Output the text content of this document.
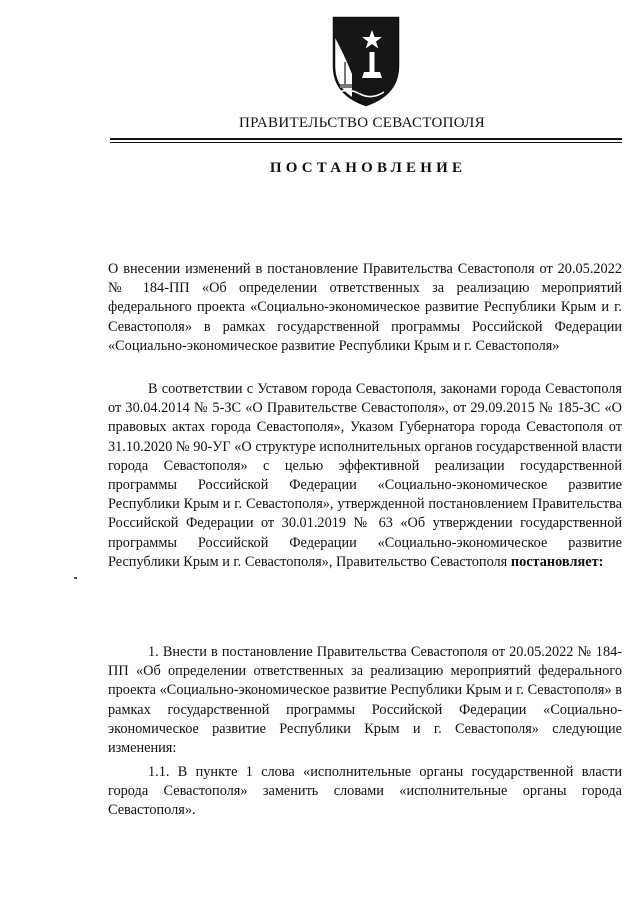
ПРАВИТЕЛЬСТВО СЕВАСТОПОЛЯ
ПОСТАНОВЛЕНИЕ
О внесении изменений в постановление Правительства Севастополя от 20.05.2022 № 184-ПП «Об определении ответственных за реализацию мероприятий федерального проекта «Социально-экономическое развитие Республики Крым и г. Севастополя» в рамках государственной программы Российской Федерации «Социально-экономическое развитие Республики Крым и г. Севастополя»
В соответствии с Уставом города Севастополя, законами города Севастополя от 30.04.2014 № 5-ЗС «О Правительстве Севастополя», от 29.09.2015 № 185-ЗС «О правовых актах города Севастополя», Указом Губернатора города Севастополя от 31.10.2020 № 90-УГ «О структуре исполнительных органов государственной власти города Севастополя» с целью эффективной реализации государственной программы Российской Федерации «Социально-экономическое развитие Республики Крым и г. Севастополя», утвержденной постановлением Правительства Российской Федерации от 30.01.2019 № 63 «Об утверждении государственной программы Российской Федерации «Социально-экономическое развитие Республики Крым и г. Севастополя», Правительство Севастополя постановляет:
1. Внести в постановление Правительства Севастополя от 20.05.2022 № 184-ПП «Об определении ответственных за реализацию мероприятий федерального проекта «Социально-экономическое развитие Республики Крым и г. Севастополя» в рамках государственной программы Российской Федерации «Социально-экономическое развитие Республики Крым и г. Севастополя» следующие изменения:
1.1. В пункте 1 слова «исполнительные органы государственной власти города Севастополя» заменить словами «исполнительные органы города Севастополя».
